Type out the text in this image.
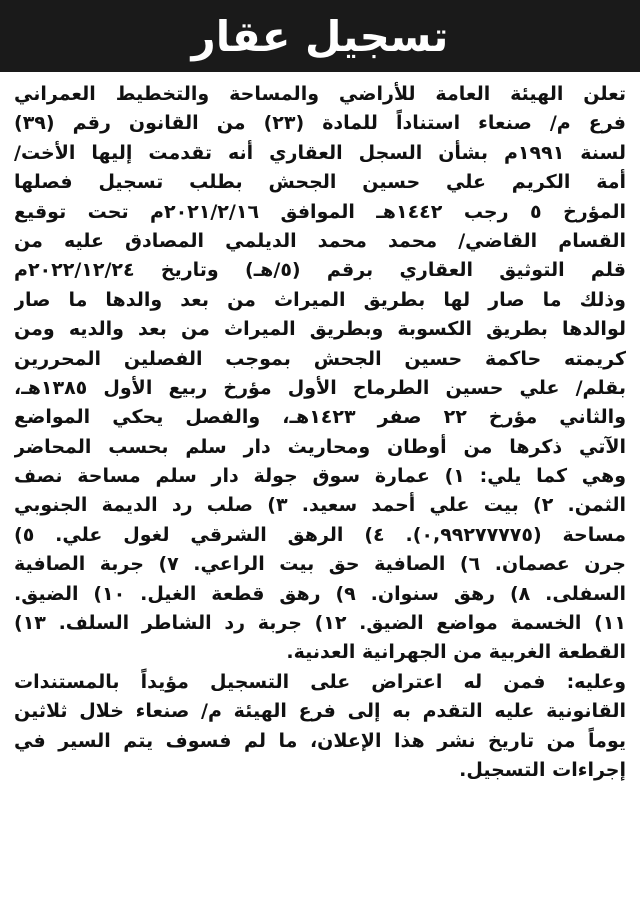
تسجيل عقار
تعلن الهيئة العامة للأراضي والمساحة والتخطيط العمراني
فرع م/ صنعاء استناداً للمادة (٢٣) من القانون رقم (٣٩)
لسنة ١٩٩١م بشأن السجل العقاري أنه تقدمت إليها الأخت/
أمة الكريم علي حسين الجحش بطلب تسجيل فصلها
المؤرخ ٥ رجب ١٤٤٢هـ الموافق ٢٠٢١/٢/١٦م تحت توقيع
القسام القاضي/ محمد محمد الديلمي المصادق عليه من
قلم التوثيق العقاري برقم (٥/هـ) وتاريخ ٢٠٢٢/١٢/٢٤م
وذلك ما صار لها بطريق الميراث من بعد والدها ما صار
لوالدها بطريق الكسوبة وبطريق الميراث من بعد والديه ومن
كريمته حاكمة حسين الجحش بموجب الفصلين المحررين
بقلم/ علي حسين الطرماح الأول مؤرخ ربيع الأول ١٣٨٥هـ،
والثاني مؤرخ ٢٢ صفر ١٤٢٣هـ، والفصل يحكي المواضع
الآتي ذكرها من أوطان ومحاريث دار سلم بحسب المحاضر
وهي كما يلي: ١) عمارة سوق جولة دار سلم مساحة نصف
الثمن. ٢) بيت علي أحمد سعيد. ٣) صلب رد الديمة الجنوبي
مساحة (٠,٩٩٢٧٧٧٧٥). ٤) الرهق الشرقي لغول علي. ٥)
جرن عصمان. ٦) الصافية حق بيت الراعي. ٧) جربة الصافية
السفلى. ٨) رهق سنوان. ٩) رهق قطعة الغيل. ١٠) الضيق.
١١) الخسمة مواضع الضيق. ١٢) جربة رد الشاطر السلف. ١٣)
القطعة الغربية من الجهرانية العدنية.
وعليه: فمن له اعتراض على التسجيل مؤيداً بالمستندات
القانونية عليه التقدم به إلى فرع الهيئة م/ صنعاء خلال ثلاثين
يوماً من تاريخ نشر هذا الإعلان، ما لم فسوف يتم السير في
إجراءات التسجيل.
